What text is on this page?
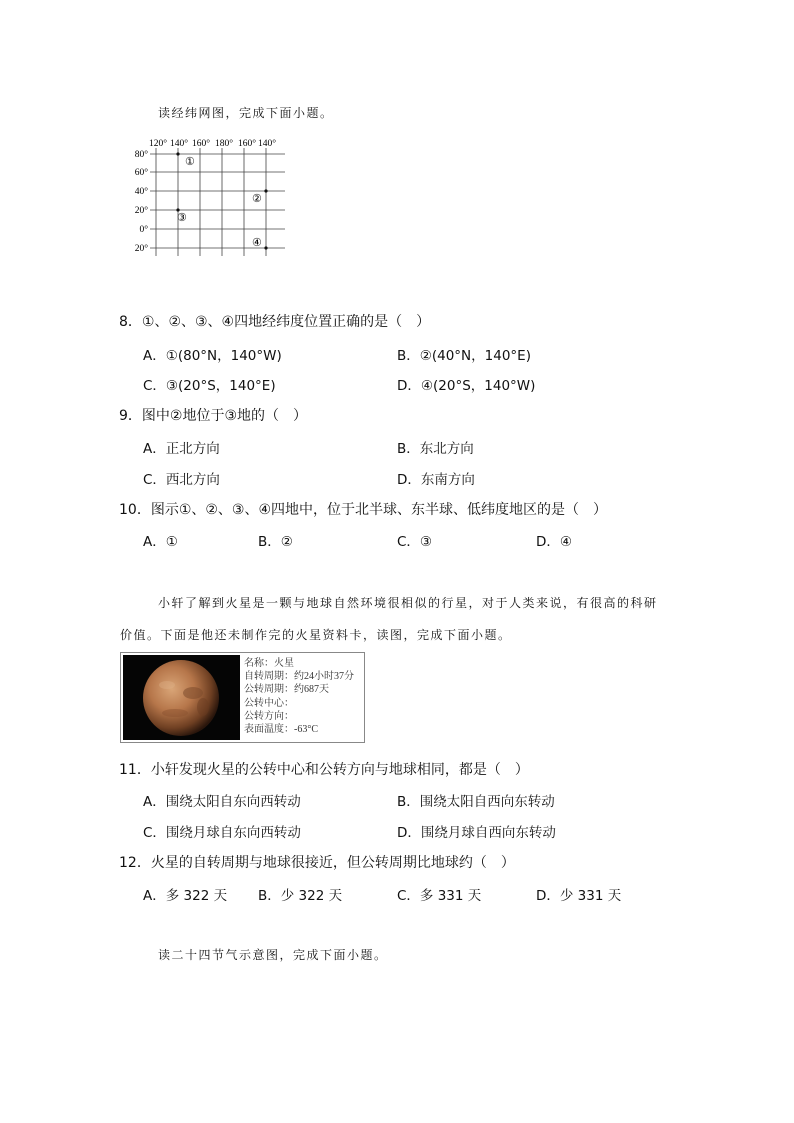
读经纬网图，完成下面小题。
120° 140° 160° 180° 160° 140°
80°
60°
40°
20°
0°
20°
①
②
③
④
8．①、②、③、④四地经纬度位置正确的是（　）
A．①(80°N，140°W)	B．②(40°N，140°E)
C．③(20°S，140°E)	D．④(20°S，140°W)
9．图中②地位于③地的（　）
A．正北方向	B．东北方向
C．西北方向	D．东南方向
10．图示①、②、③、④四地中，位于北半球、东半球、低纬度地区的是（　）
A．①	B．②	C．③	D．④
小轩了解到火星是一颗与地球自然环境很相似的行星，对于人类来说，有很高的科研
价值。下面是他还未制作完的火星资料卡，读图，完成下面小题。
名称：火星
自转周期：约24小时37分
公转周期：约687天
公转中心：
公转方向：
表面温度：-63°C
11．小轩发现火星的公转中心和公转方向与地球相同，都是（　）
A．围绕太阳自东向西转动	B．围绕太阳自西向东转动
C．围绕月球自东向西转动	D．围绕月球自西向东转动
12．火星的自转周期与地球很接近，但公转周期比地球约（　）
A．多 322 天 B．少 322 天	C．多 331 天	D．少 331 天
读二十四节气示意图，完成下面小题。
